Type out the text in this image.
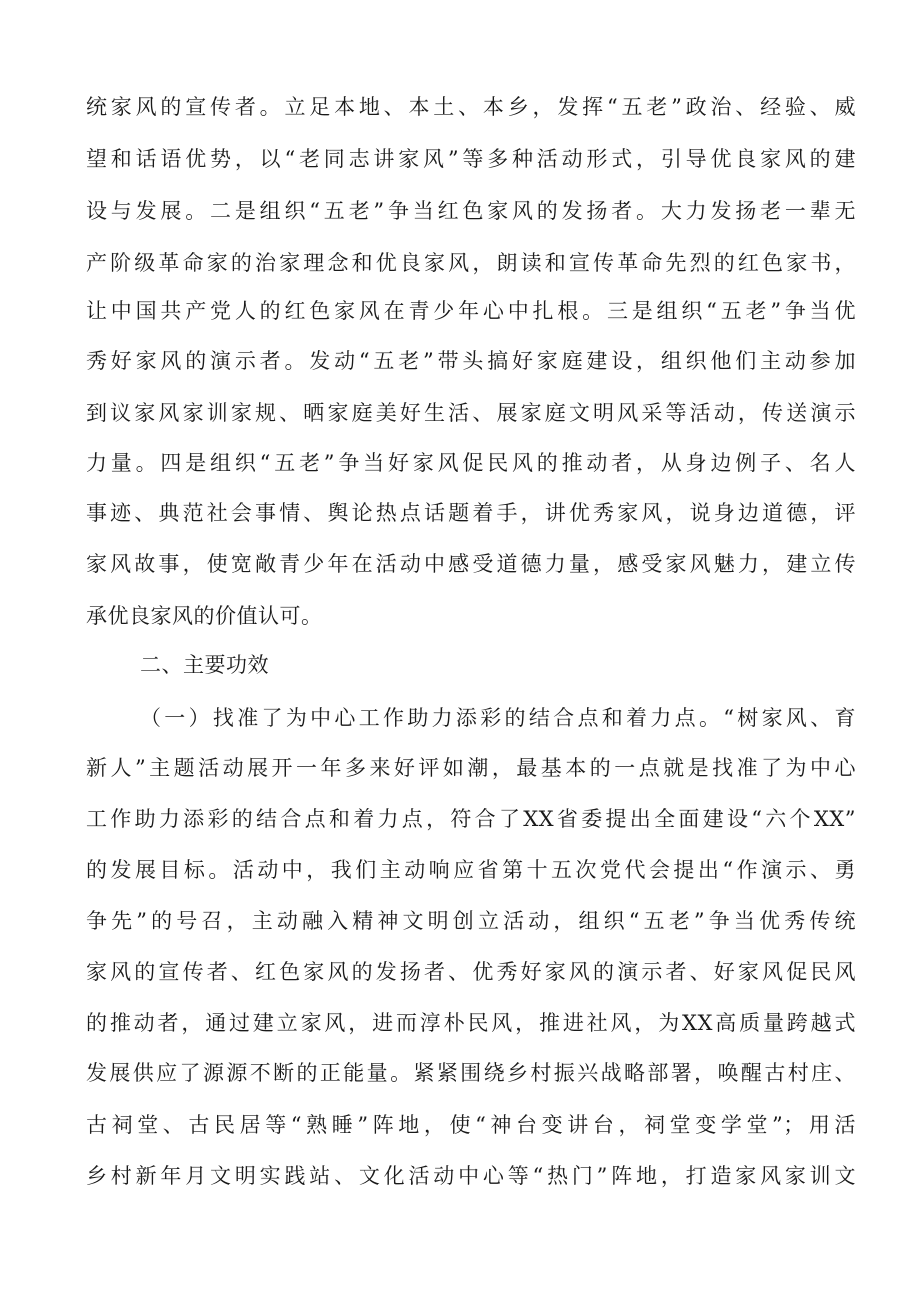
统家风的宣传者。立足本地、本土、本乡，发挥“五老”政治、经验、威
望和话语优势，以“老同志讲家风”等多种活动形式，引导优良家风的建
设与发展。二是组织“五老”争当红色家风的发扬者。大力发扬老一辈无
产阶级革命家的治家理念和优良家风，朗读和宣传革命先烈的红色家书，
让中国共产党人的红色家风在青少年心中扎根。三是组织“五老”争当优
秀好家风的演示者。发动“五老”带头搞好家庭建设，组织他们主动参加
到议家风家训家规、晒家庭美好生活、展家庭文明风采等活动，传送演示
力量。四是组织“五老”争当好家风促民风的推动者，从身边例子、名人
事迹、典范社会事情、舆论热点话题着手，讲优秀家风，说身边道德，评
家风故事，使宽敞青少年在活动中感受道德力量，感受家风魅力，建立传
承优良家风的价值认可。
二、主要功效
（一）找准了为中心工作助力添彩的结合点和着力点。“树家风、育
新人”主题活动展开一年多来好评如潮，最基本的一点就是找准了为中心
工作助力添彩的结合点和着力点，符合了XX省委提出全面建设“六个XX”
的发展目标。活动中，我们主动响应省第十五次党代会提出“作演示、勇
争先”的号召，主动融入精神文明创立活动，组织“五老”争当优秀传统
家风的宣传者、红色家风的发扬者、优秀好家风的演示者、好家风促民风
的推动者，通过建立家风，进而淳朴民风，推进社风，为XX高质量跨越式
发展供应了源源不断的正能量。紧紧围绕乡村振兴战略部署，唤醒古村庄、
古祠堂、古民居等“熟睡”阵地，使“神台变讲台，祠堂变学堂”；用活
乡村新年月文明实践站、文化活动中心等“热门”阵地，打造家风家训文
